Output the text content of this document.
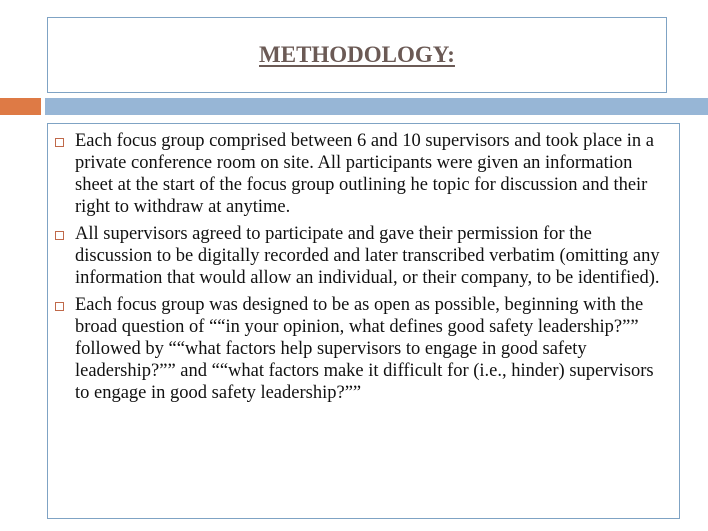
METHODOLOGY:
Each focus group comprised between 6 and 10 supervisors and took place in a private conference room on site. All participants were given an information sheet at the start of the focus group outlining he topic for discussion and their right to withdraw at anytime.
All supervisors agreed to participate and gave their permission for the discussion to be digitally recorded and later transcribed verbatim (omitting any information that would allow an individual, or their company, to be identified).
Each focus group was designed to be as open as possible, beginning with the broad question of ““in your opinion, what defines good safety leadership?”” followed by ““what factors help supervisors to engage in good safety leadership?”” and ““what factors make it difficult for (i.e., hinder) supervisors to engage in good safety leadership?””
